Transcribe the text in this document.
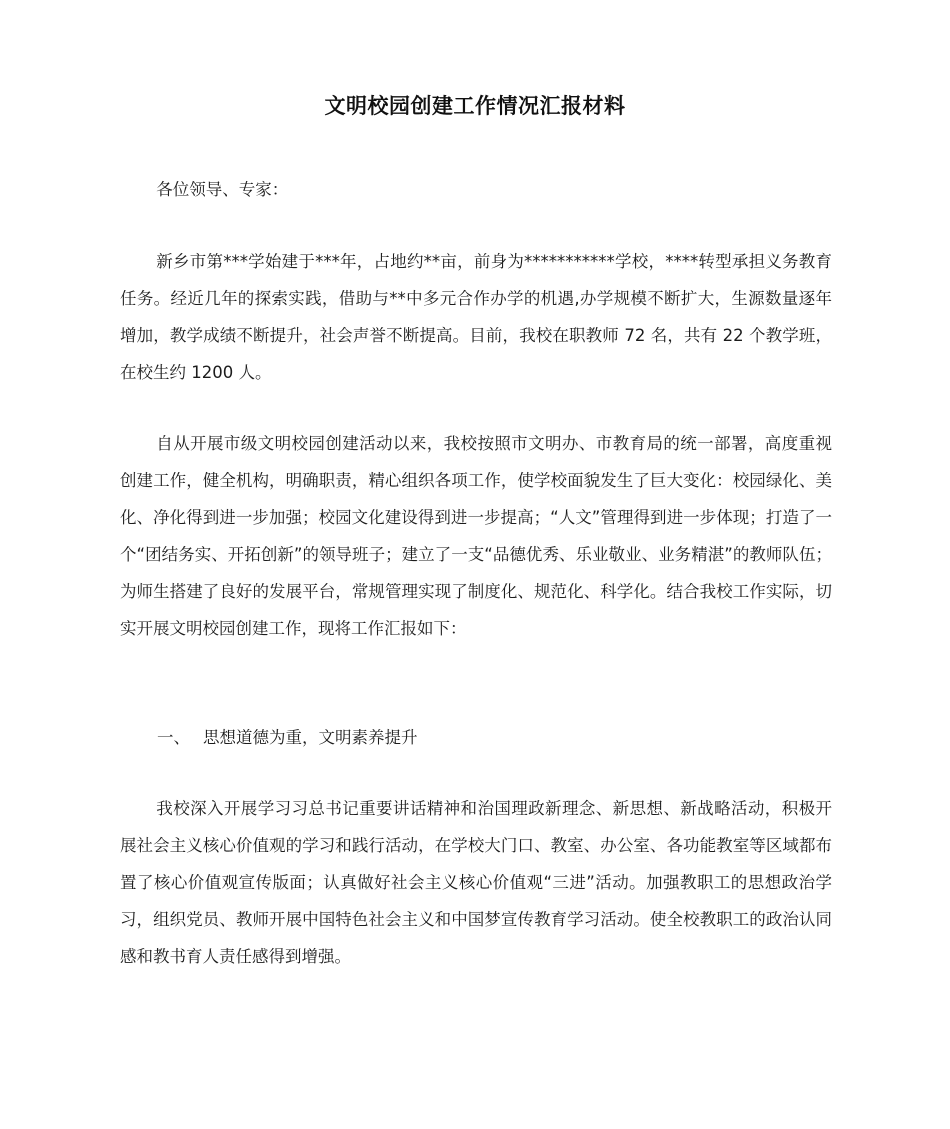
文明校园创建工作情况汇报材料
各位领导、专家：
新乡市第***学始建于***年，占地约**亩，前身为***********学校，****转型承担义务教育任务。经近几年的探索实践，借助与**中多元合作办学的机遇,办学规模不断扩大，生源数量逐年增加，教学成绩不断提升，社会声誉不断提高。目前，我校在职教师 72 名，共有 22 个教学班，在校生约 1200 人。
自从开展市级文明校园创建活动以来，我校按照市文明办、市教育局的统一部署，高度重视创建工作，健全机构，明确职责，精心组织各项工作，使学校面貌发生了巨大变化：校园绿化、美化、净化得到进一步加强；校园文化建设得到进一步提高；“人文”管理得到进一步体现；打造了一个“团结务实、开拓创新”的领导班子；建立了一支“品德优秀、乐业敬业、业务精湛”的教师队伍；为师生搭建了良好的发展平台，常规管理实现了制度化、规范化、科学化。结合我校工作实际，切实开展文明校园创建工作，现将工作汇报如下：
一、 思想道德为重，文明素养提升
我校深入开展学习习总书记重要讲话精神和治国理政新理念、新思想、新战略活动，积极开展社会主义核心价值观的学习和践行活动，在学校大门口、教室、办公室、各功能教室等区域都布置了核心价值观宣传版面；认真做好社会主义核心价值观“三进”活动。加强教职工的思想政治学习，组织党员、教师开展中国特色社会主义和中国梦宣传教育学习活动。使全校教职工的政治认同感和教书育人责任感得到增强。
